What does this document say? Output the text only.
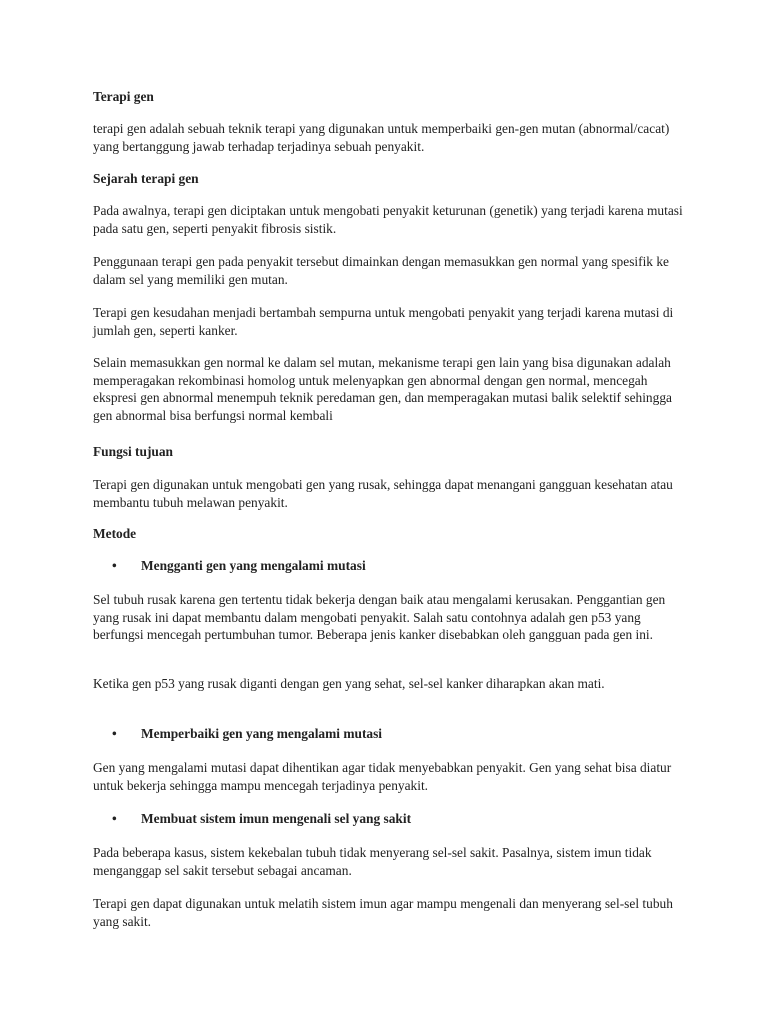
Terapi gen

terapi gen adalah sebuah teknik terapi yang digunakan untuk memperbaiki gen-gen mutan (abnormal/cacat) yang bertanggung jawab terhadap terjadinya sebuah penyakit.

Sejarah terapi gen

Pada awalnya, terapi gen diciptakan untuk mengobati penyakit keturunan (genetik) yang terjadi karena mutasi pada satu gen, seperti penyakit fibrosis sistik.

Penggunaan terapi gen pada penyakit tersebut dimainkan dengan memasukkan gen normal yang spesifik ke dalam sel yang memiliki gen mutan.

Terapi gen kesudahan menjadi bertambah sempurna untuk mengobati penyakit yang terjadi karena mutasi di jumlah gen, seperti kanker.

Selain memasukkan gen normal ke dalam sel mutan, mekanisme terapi gen lain yang bisa digunakan adalah memperagakan rekombinasi homolog untuk melenyapkan gen abnormal dengan gen normal, mencegah ekspresi gen abnormal menempuh teknik peredaman gen, dan memperagakan mutasi balik selektif sehingga gen abnormal bisa berfungsi normal kembali

Fungsi tujuan

Terapi gen digunakan untuk mengobati gen yang rusak, sehingga dapat menangani gangguan kesehatan atau membantu tubuh melawan penyakit.

Metode

• Mengganti gen yang mengalami mutasi

Sel tubuh rusak karena gen tertentu tidak bekerja dengan baik atau mengalami kerusakan. Penggantian gen yang rusak ini dapat membantu dalam mengobati penyakit. Salah satu contohnya adalah gen p53 yang berfungsi mencegah pertumbuhan tumor. Beberapa jenis kanker disebabkan oleh gangguan pada gen ini.

Ketika gen p53 yang rusak diganti dengan gen yang sehat, sel-sel kanker diharapkan akan mati.

• Memperbaiki gen yang mengalami mutasi

Gen yang mengalami mutasi dapat dihentikan agar tidak menyebabkan penyakit. Gen yang sehat bisa diatur untuk bekerja sehingga mampu mencegah terjadinya penyakit.

• Membuat sistem imun mengenali sel yang sakit

Pada beberapa kasus, sistem kekebalan tubuh tidak menyerang sel-sel sakit. Pasalnya, sistem imun tidak menganggap sel sakit tersebut sebagai ancaman.

Terapi gen dapat digunakan untuk melatih sistem imun agar mampu mengenali dan menyerang sel-sel tubuh yang sakit.
